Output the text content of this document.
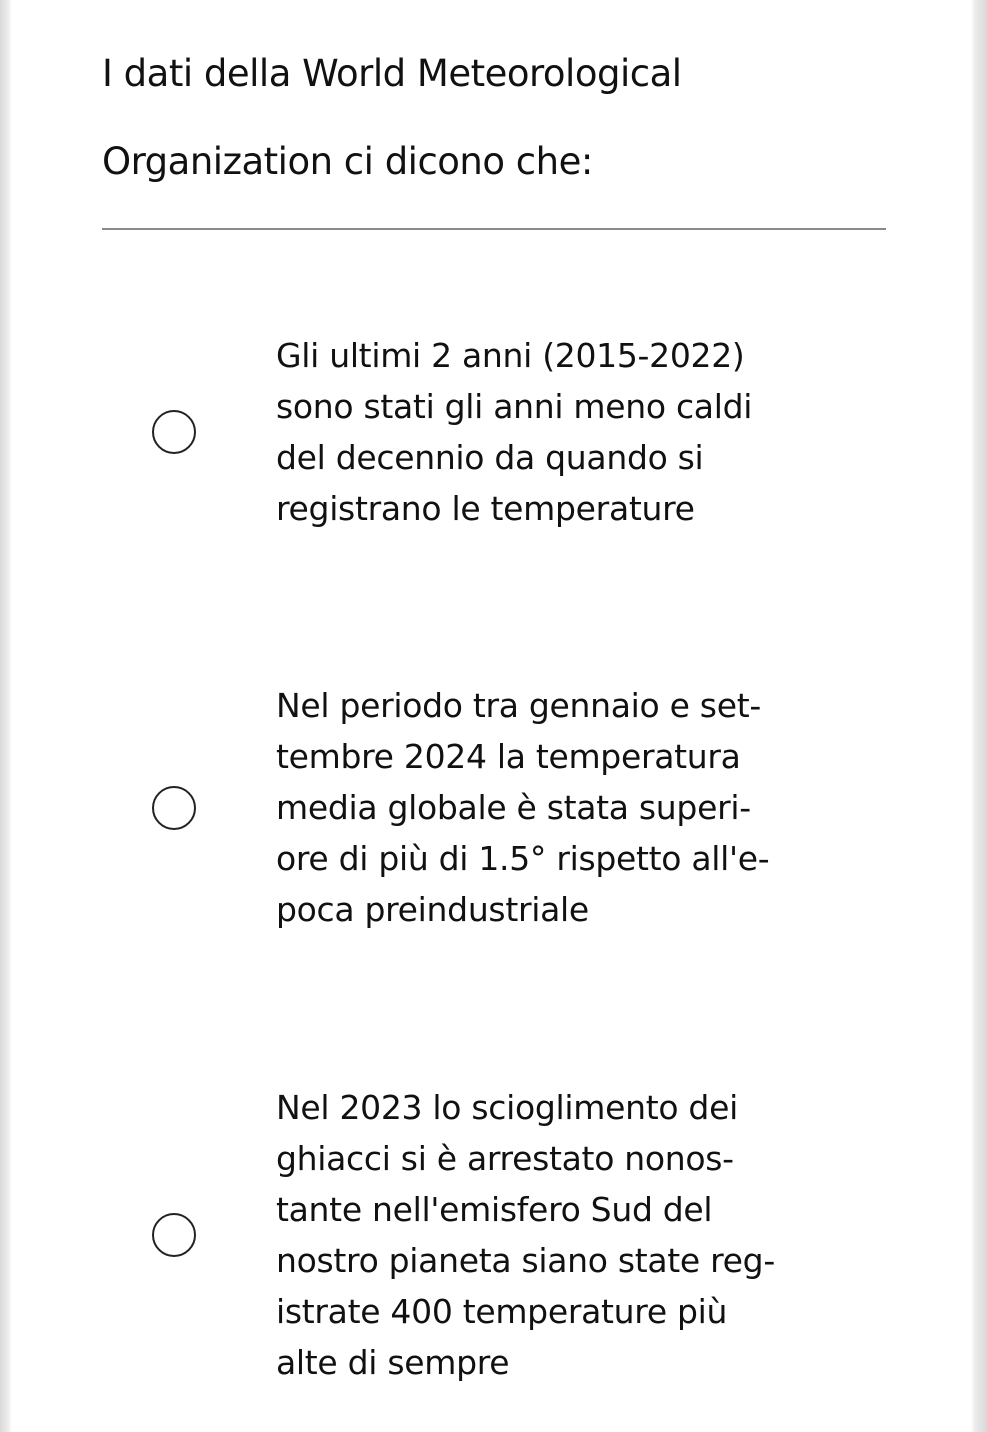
I dati della World Meteorological
Organization ci dicono che:
Gli ultimi 2 anni (2015-2022)
sono stati gli anni meno caldi
del decennio da quando si
registrano le temperature
Nel periodo tra gennaio e set-
tembre 2024 la temperatura
media globale è stata superi-
ore di più di 1.5° rispetto all'e-
poca preindustriale
Nel 2023 lo scioglimento dei
ghiacci si è arrestato nonos-
tante nell'emisfero Sud del
nostro pianeta siano state reg-
istrate 400 temperature più
alte di sempre
